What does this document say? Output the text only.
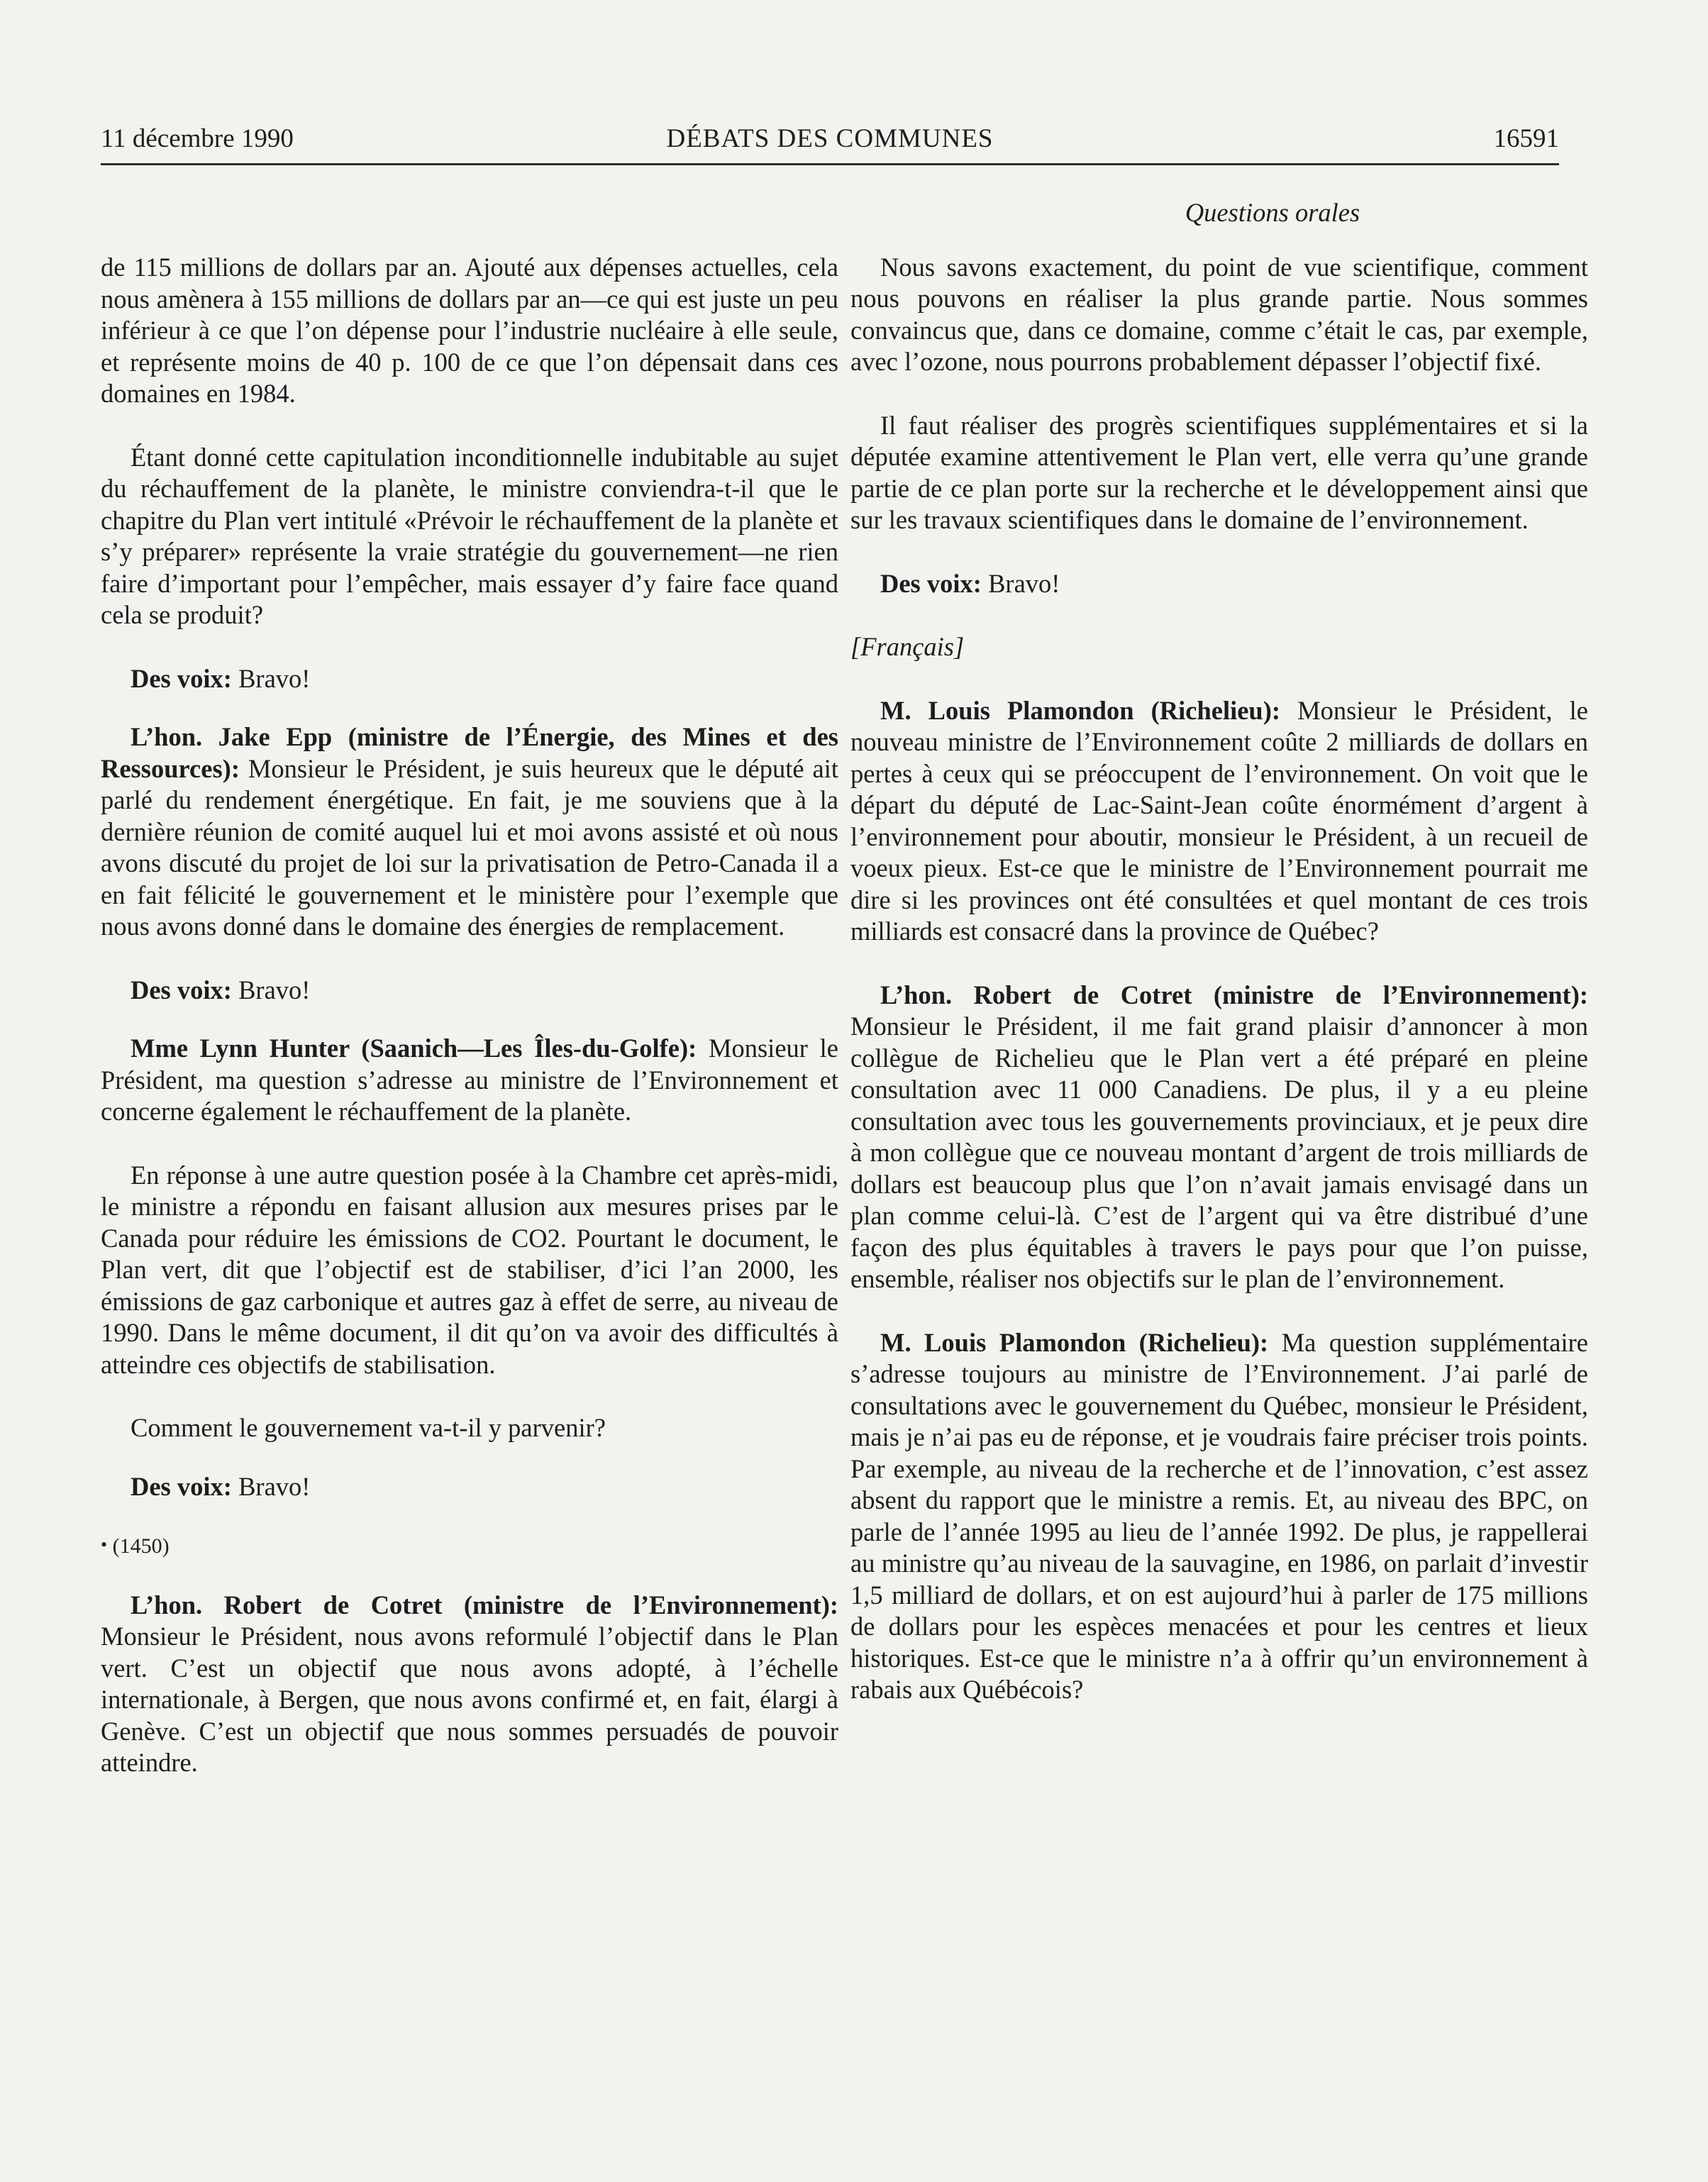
11 décembre 1990	DÉBATS DES COMMUNES	16591

de 115 millions de dollars par an. Ajouté aux dépenses actuelles, cela nous amènera à 155 millions de dollars par an—ce qui est juste un peu inférieur à ce que l’on dépense pour l’industrie nucléaire à elle seule, et représente moins de 40 p. 100 de ce que l’on dépensait dans ces domaines en 1984.

Étant donné cette capitulation inconditionnelle indubitable au sujet du réchauffement de la planète, le ministre conviendra-t-il que le chapitre du Plan vert intitulé «Prévoir le réchauffement de la planète et s’y préparer» représente la vraie stratégie du gouvernement—ne rien faire d’important pour l’empêcher, mais essayer d’y faire face quand cela se produit?

Des voix: Bravo!

L’hon. Jake Epp (ministre de l’Énergie, des Mines et des Ressources): Monsieur le Président, je suis heureux que le député ait parlé du rendement énergétique. En fait, je me souviens que à la dernière réunion de comité auquel lui et moi avons assisté et où nous avons discuté du projet de loi sur la privatisation de Petro-Canada il a en fait félicité le gouvernement et le ministère pour l’exemple que nous avons donné dans le domaine des énergies de remplacement.

Des voix: Bravo!

Mme Lynn Hunter (Saanich—Les Îles-du-Golfe): Monsieur le Président, ma question s’adresse au ministre de l’Environnement et concerne également le réchauffement de la planète.

En réponse à une autre question posée à la Chambre cet après-midi, le ministre a répondu en faisant allusion aux mesures prises par le Canada pour réduire les émissions de CO2. Pourtant le document, le Plan vert, dit que l’objectif est de stabiliser, d’ici l’an 2000, les émissions de gaz carbonique et autres gaz à effet de serre, au niveau de 1990. Dans le même document, il dit qu’on va avoir des difficultés à atteindre ces objectifs de stabilisation.

Comment le gouvernement va-t-il y parvenir?

Des voix: Bravo!

• (1450)

L’hon. Robert de Cotret (ministre de l’Environnement): Monsieur le Président, nous avons reformulé l’objectif dans le Plan vert. C’est un objectif que nous avons adopté, à l’échelle internationale, à Bergen, que nous avons confirmé et, en fait, élargi à Genève. C’est un objectif que nous sommes persuadés de pouvoir atteindre.

Questions orales

Nous savons exactement, du point de vue scientifique, comment nous pouvons en réaliser la plus grande partie. Nous sommes convaincus que, dans ce domaine, comme c’était le cas, par exemple, avec l’ozone, nous pourrons probablement dépasser l’objectif fixé.

Il faut réaliser des progrès scientifiques supplémentaires et si la députée examine attentivement le Plan vert, elle verra qu’une grande partie de ce plan porte sur la recherche et le développement ainsi que sur les travaux scientifiques dans le domaine de l’environnement.

Des voix: Bravo!

[Français]

M. Louis Plamondon (Richelieu): Monsieur le Président, le nouveau ministre de l’Environnement coûte 2 milliards de dollars en pertes à ceux qui se préoccupent de l’environnement. On voit que le départ du député de Lac-Saint-Jean coûte énormément d’argent à l’environnement pour aboutir, monsieur le Président, à un recueil de voeux pieux. Est-ce que le ministre de l’Environnement pourrait me dire si les provinces ont été consultées et quel montant de ces trois milliards est consacré dans la province de Québec?

L’hon. Robert de Cotret (ministre de l’Environnement): Monsieur le Président, il me fait grand plaisir d’annoncer à mon collègue de Richelieu que le Plan vert a été préparé en pleine consultation avec 11 000 Canadiens. De plus, il y a eu pleine consultation avec tous les gouvernements provinciaux, et je peux dire à mon collègue que ce nouveau montant d’argent de trois milliards de dollars est beaucoup plus que l’on n’avait jamais envisagé dans un plan comme celui-là. C’est de l’argent qui va être distribué d’une façon des plus équitables à travers le pays pour que l’on puisse, ensemble, réaliser nos objectifs sur le plan de l’environnement.

M. Louis Plamondon (Richelieu): Ma question supplémentaire s’adresse toujours au ministre de l’Environnement. J’ai parlé de consultations avec le gouvernement du Québec, monsieur le Président, mais je n’ai pas eu de réponse, et je voudrais faire préciser trois points. Par exemple, au niveau de la recherche et de l’innovation, c’est assez absent du rapport que le ministre a remis. Et, au niveau des BPC, on parle de l’année 1995 au lieu de l’année 1992. De plus, je rappellerai au ministre qu’au niveau de la sauvagine, en 1986, on parlait d’investir 1,5 milliard de dollars, et on est aujourd’hui à parler de 175 millions de dollars pour les espèces menacées et pour les centres et lieux historiques. Est-ce que le ministre n’a à offrir qu’un environnement à rabais aux Québécois?
